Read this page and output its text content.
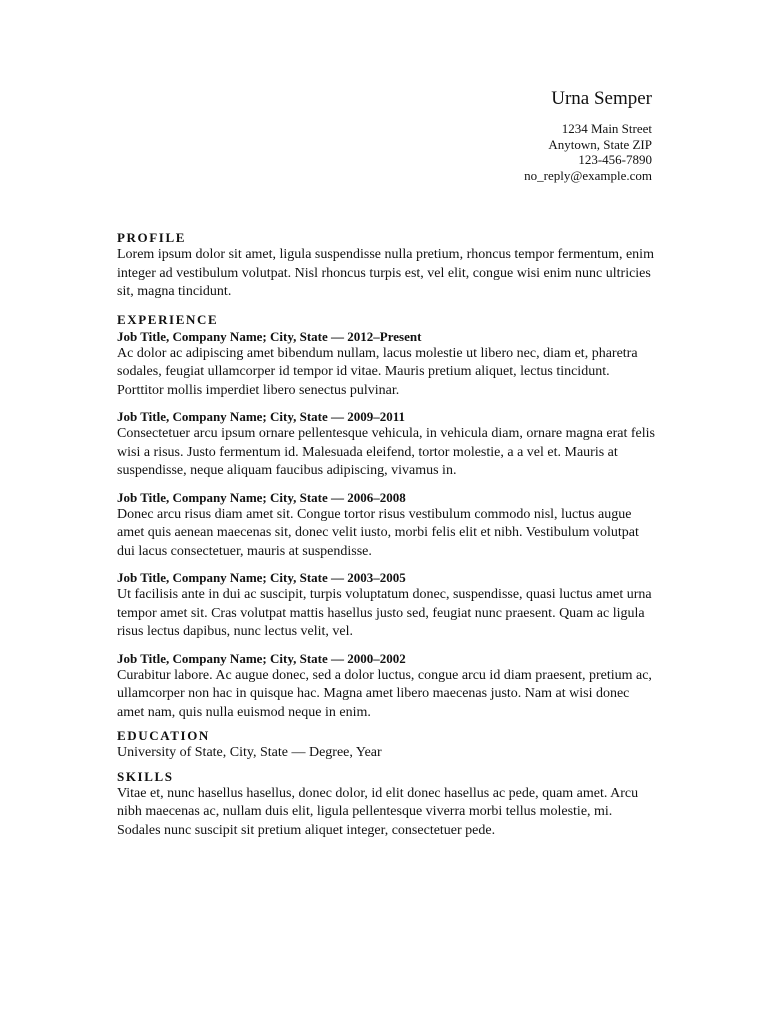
Urna Semper
1234 Main Street
Anytown, State ZIP
123-456-7890
no_reply@example.com
PROFILE

Lorem ipsum dolor sit amet, ligula suspendisse nulla pretium, rhoncus tempor fermentum, enim integer ad vestibulum volutpat. Nisl rhoncus turpis est, vel elit, congue wisi enim nunc ultricies sit, magna tincidunt.

EXPERIENCE

Job Title, Company Name; City, State — 2012–Present

Ac dolor ac adipiscing amet bibendum nullam, lacus molestie ut libero nec, diam et, pharetra sodales, feugiat ullamcorper id tempor id vitae. Mauris pretium aliquet, lectus tincidunt. Porttitor mollis imperdiet libero senectus pulvinar.

Job Title, Company Name; City, State — 2009–2011

Consectetuer arcu ipsum ornare pellentesque vehicula, in vehicula diam, ornare magna erat felis wisi a risus. Justo fermentum id. Malesuada eleifend, tortor molestie, a a vel et. Mauris at suspendisse, neque aliquam faucibus adipiscing, vivamus in.

Job Title, Company Name; City, State — 2006–2008

Donec arcu risus diam amet sit. Congue tortor risus vestibulum commodo nisl, luctus augue amet quis aenean maecenas sit, donec velit iusto, morbi felis elit et nibh. Vestibulum volutpat dui lacus consectetuer, mauris at suspendisse.

Job Title, Company Name; City, State — 2003–2005

Ut facilisis ante in dui ac suscipit, turpis voluptatum donec, suspendisse, quasi luctus amet urna tempor amet sit. Cras volutpat mattis hasellus justo sed, feugiat nunc praesent. Quam ac ligula risus lectus dapibus, nunc lectus velit, vel.

Job Title, Company Name; City, State — 2000–2002

Curabitur labore. Ac augue donec, sed a dolor luctus, congue arcu id diam praesent, pretium ac, ullamcorper non hac in quisque hac. Magna amet libero maecenas justo. Nam at wisi donec amet nam, quis nulla euismod neque in enim.

EDUCATION

University of State, City, State — Degree, Year

SKILLS

Vitae et, nunc hasellus hasellus, donec dolor, id elit donec hasellus ac pede, quam amet. Arcu nibh maecenas ac, nullam duis elit, ligula pellentesque viverra morbi tellus molestie, mi. Sodales nunc suscipit sit pretium aliquet integer, consectetuer pede.
